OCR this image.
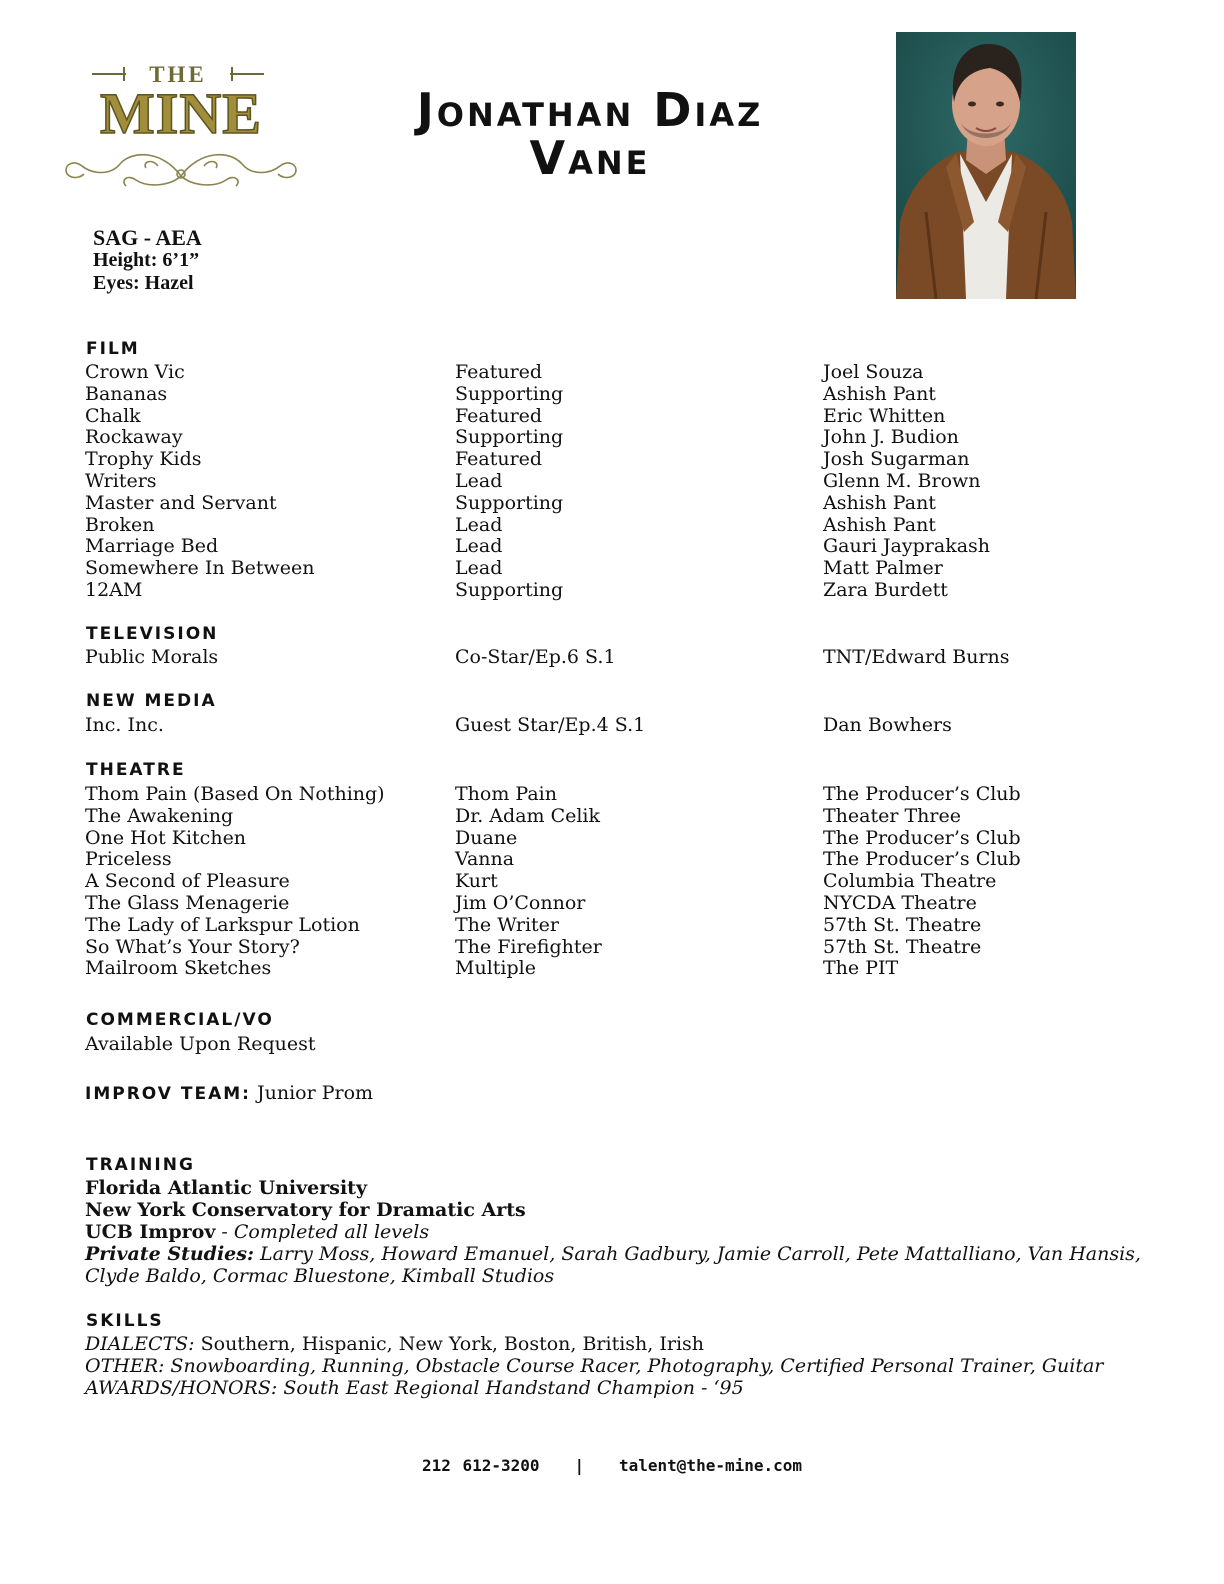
THE
MINE	Jonathan Diaz
Vane
SAG - AEA
Height: 6’1”
Eyes: Hazel
FILM
Crown Vic	Featured	Joel Souza
Bananas	Supporting	Ashish Pant
Chalk	Featured	Eric Whitten
Rockaway	Supporting	John J. Budion
Trophy Kids	Featured	Josh Sugarman
Writers	Lead	Glenn M. Brown
Master and Servant	Supporting	Ashish Pant
Broken	Lead	Ashish Pant
Marriage Bed	Lead	Gauri Jayprakash
Somewhere In Between	Lead	Matt Palmer
12AM	Supporting	Zara Burdett
TELEVISION
Public Morals	Co-Star/Ep.6 S.1	TNT/Edward Burns
NEW MEDIA
Inc. Inc.	Guest Star/Ep.4 S.1	Dan Bowhers
THEATRE
Thom Pain (Based On Nothing)	Thom Pain	The Producer’s Club
The Awakening	Dr. Adam Celik	Theater Three
One Hot Kitchen	Duane	The Producer’s Club
Priceless	Vanna	The Producer’s Club
A Second of Pleasure	Kurt	Columbia Theatre
The Glass Menagerie	Jim O’Connor	NYCDA Theatre
The Lady of Larkspur Lotion	The Writer	57th St. Theatre
So What’s Your Story?	The Firefighter	57th St. Theatre
Mailroom Sketches	Multiple	The PIT
COMMERCIAL/VO
Available Upon Request
IMPROV TEAM: Junior Prom
TRAINING
Florida Atlantic University
New York Conservatory for Dramatic Arts
UCB Improv - Completed all levels
Private Studies: Larry Moss, Howard Emanuel, Sarah Gadbury, Jamie Carroll, Pete Mattalliano, Van Hansis, Clyde Baldo, Cormac Bluestone, Kimball Studios
SKILLS
DIALECTS: Southern, Hispanic, New York, Boston, British, Irish
OTHER: Snowboarding, Running, Obstacle Course Racer, Photography, Certified Personal Trainer, Guitar
AWARDS/HONORS: South East Regional Handstand Champion - ‘95
212 612-3200 | talent@the-mine.com
